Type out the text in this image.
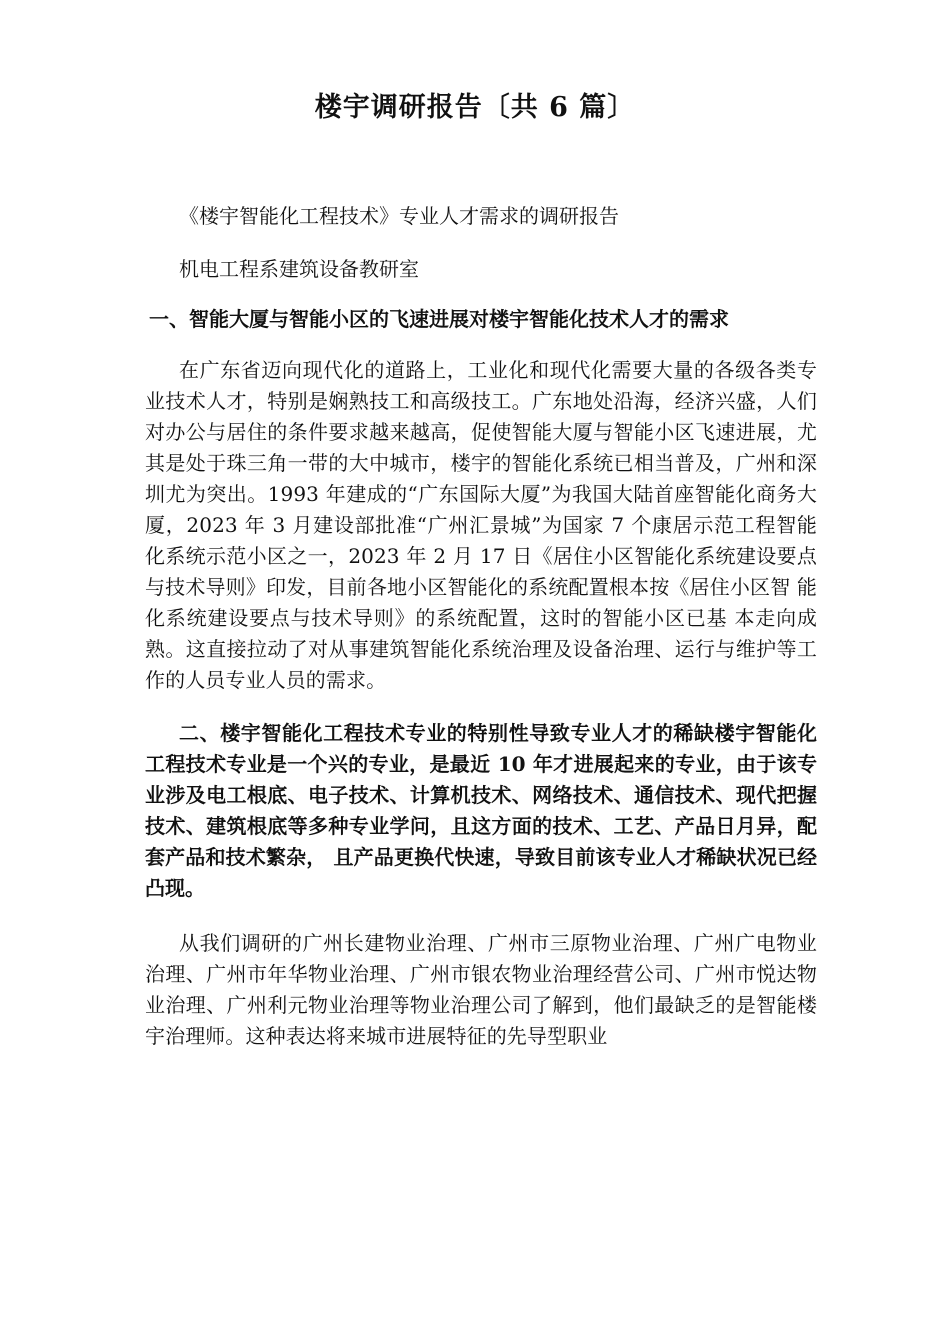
楼宇调研报告〔共 6 篇〕

《楼宇智能化工程技术》专业人才需求的调研报告

机电工程系建筑设备教研室

一、智能大厦与智能小区的飞速进展对楼宇智能化技术人才的需求

在广东省迈向现代化的道路上，工业化和现代化需要大量的各级各类专业技术人才，特别是娴熟技工和高级技工。广东地处沿海，经济兴盛，人们对办公与居住的条件要求越来越高，促使智能大厦与智能小区飞速进展，尤其是处于珠三角一带的大中城市，楼宇的智能化系统已相当普及，广州和深圳尤为突出。1993 年建成的“广东国际大厦”为我国大陆首座智能化商务大厦，2023 年 3 月建设部批准“广州汇景城”为国家 7 个康居示范工程智能化系统示范小区之一，2023 年 2 月 17 日《居住小区智能化系统建设要点与技术导则》印发，目前各地小区智能化的系统配置根本按《居住小区智 能化系统建设要点与技术导则》的系统配置，这时的智能小区已基 本走向成熟。这直接拉动了对从事建筑智能化系统治理及设备治理、运行与维护等工作的人员专业人员的需求。

二、楼宇智能化工程技术专业的特别性导致专业人才的稀缺楼宇智能化工程技术专业是一个兴的专业，是最近 10 年才进展起来的专业，由于该专业涉及电工根底、电子技术、计算机技术、网络技术、通信技术、现代把握技术、建筑根底等多种专业学问，且这方面的技术、工艺、产品日月异，配套产品和技术繁杂， 且产品更换代快速，导致目前该专业人才稀缺状况已经凸现。

从我们调研的广州长建物业治理、广州市三原物业治理、广州广电物业治理、广州市年华物业治理、广州市银农物业治理经营公司、广州市悦达物业治理、广州利元物业治理等物业治理公司了解到，他们最缺乏的是智能楼宇治理师。这种表达将来城市进展特征的先导型职业
